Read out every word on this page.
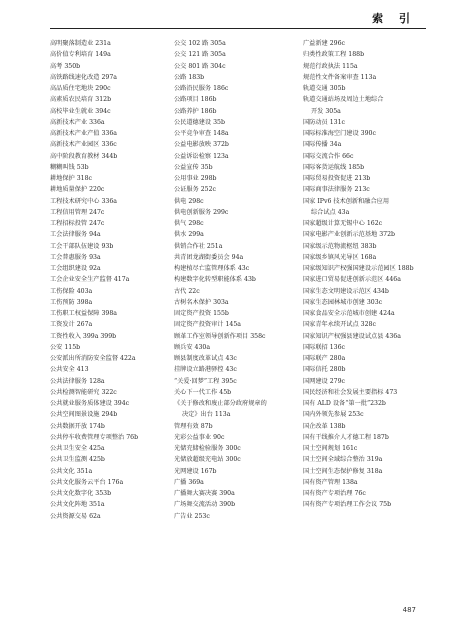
索 引
高明聚落制造业 231a
高价值专利培育 149a
高考 350b
高铁路线速化改造 297a
高品质住宅地块 290c
高素质农民培育 312b
高校毕业生就业 394c
高新技术产业 336a
高新技术产业产值 336a
高新技术产业园区 336c
高中阶段教育教材 344b
糊糊叫钱 53b
耕地保护 318c
耕地质量保护 220c
工程技术研究中心 336a
工程信用管理 247c
工程招标投管 247c
工会法律服务 94a
工会干部队伍建设 93b
工会普惠服务 93a
工会组织建设 92a
工会企业安全生产监督 417a
工伤保险 403a
工伤预防 398a
工伤职工权益保障 398a
工资发计 267a
工资性收入 399a 399b
公安 115b
公安派出所消防安全监督 422a
公共安全 413
公共法律服务 128a
公共检测智能研究 322c
公共就业服务质体建设 394c
公共空间图景设施 294b
公共数据开放 174b
公共停车收费管理专项整治 76b
公共卫生安全 425a
公共卫生监测 425b
公共文化 351a
公共文化服务云平台 176a
公共文化数字化 353b
公共文化阵地 351a
公共资源交易 62a
公交 102 路 305a
公交 121 路 305a
公交 801 路 304c
公路 183b
公路沿民服务 186c
公路项目 186b
公路养护 186b
公民道德建设 35b
公平竞争审查 148a
公益电影放映 372b
公益诉讼检察 123a
公益宣传 35b
公用事业 298b
公证服务 252c
供电 298c
供电创新服务 299c
供气 298c
供水 299a
供销合作社 251a
共青团龙湖街委员会 94a
构建植尽亡监管理体系 43c
构建数字化转型职能体系 43b
古代 22c
古树名木保护 303a
固定资产投资 155b
固定资产投资审计 145a
顾革工作室领导创新作项目 358c
顾兵安 430a
顾县制度改革试点 43c
挂牌设立路港驿控 43c
“关爱·回梦”工程 395c
关心下一代工作 45b
《关于修改和废止部分政府规章的
决定》出台 113a
管理有效 87b
光彩公益事业 90c
光储充储检验服务 300c
光储放超级充电站 300c
光网建设 167b
广播 369a
广播舞大赛决赛 390a
广场舞交流活动 390b
广告业 253c
广益新建 296c
归类性政策工程 188b
规范行政执法 115a
规范性文件备案审查 113a
轨道交通 305b
轨道交通站场及周边土地综合
开发 305a
国防动员 131c
国际标准海空门建设 390c
国际传播 34a
国际交流合作 66c
国际客货运航线 185b
国际贸易投资促进 213b
国际商事法律服务 213c
国家 IPv6 技术创新和融合应用
综合试点 43a
国家超级计算无锡中心 162c
国家电影产业创新示范基地 372b
国家级示范物流枢纽 383b
国家级乡镇风光导区 168a
国家级知识产权强国建设示范园区 188b
国家进口贸易促进创新示范区 446a
国家生态文明建设示范区 434b
国家生态园林城市创建 303c
国家食品安全示范城市创建 424a
国家青年永续开试点 328c
国家知识产权强县建设试点县 436a
国际联招 136c
国际联产 280a
国际信托 280b
国网建设 279c
国民经济和社会发展主要指标 473
国有 ALD 设备“第一批”232b
国内外领先参展 253c
国企改革 138b
国有干线推介人才德工程 187b
国土空间规划 161c
国土空间全域综合整治 319a
国土空间生态保护修复 318a
国有资产管理 138a
国有资产专项治理 76c
国有资产专项治理工作会议 75b
487
